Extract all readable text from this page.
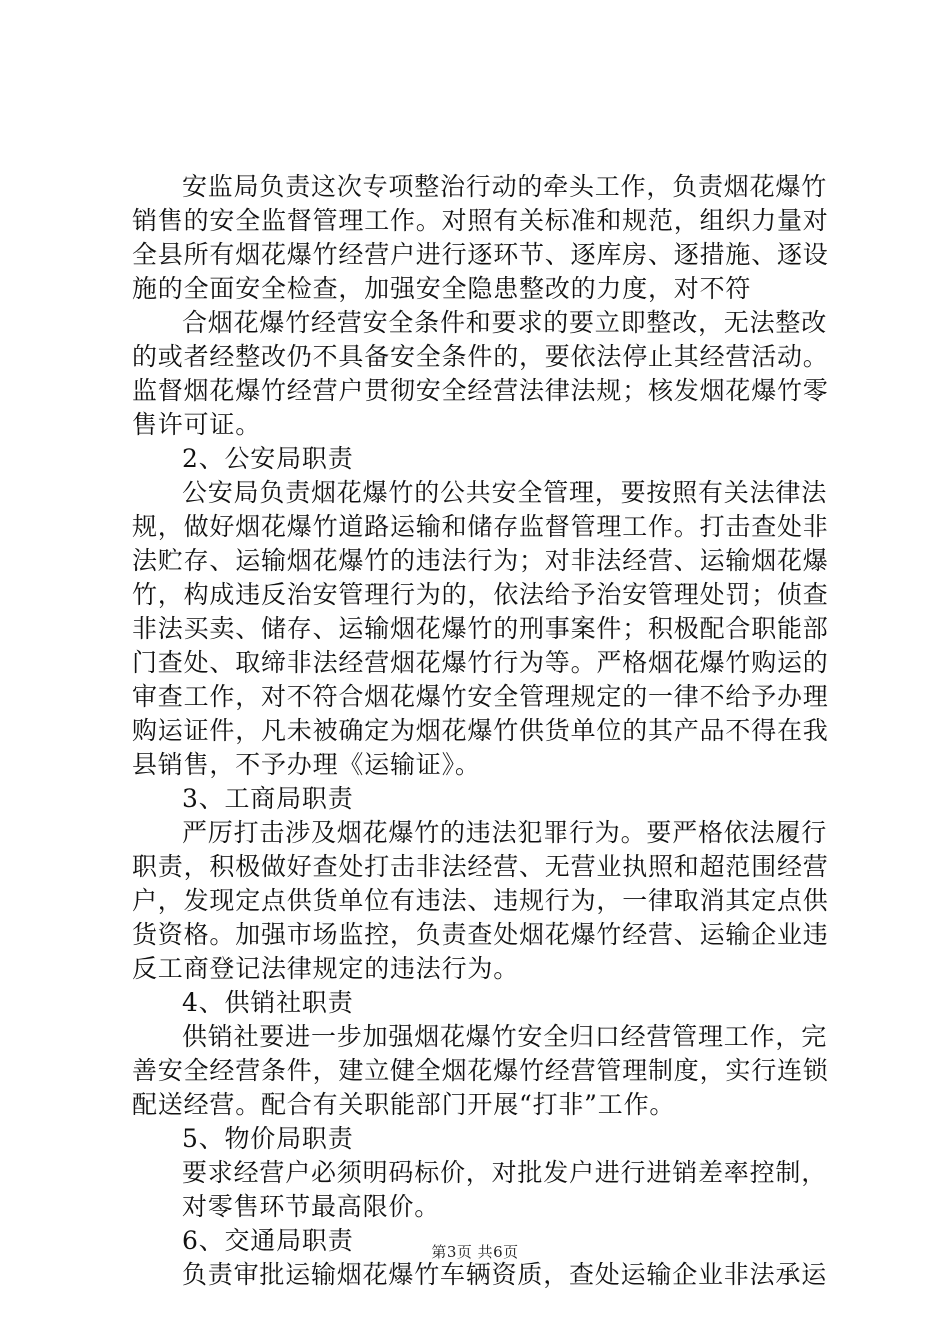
安监局负责这次专项整治行动的牵头工作，负责烟花爆竹
销售的安全监督管理工作。对照有关标准和规范，组织力量对
全县所有烟花爆竹经营户进行逐环节、逐库房、逐措施、逐设
施的全面安全检查，加强安全隐患整改的力度，对不符
合烟花爆竹经营安全条件和要求的要立即整改，无法整改
的或者经整改仍不具备安全条件的，要依法停止其经营活动。
监督烟花爆竹经营户贯彻安全经营法律法规；核发烟花爆竹零
售许可证。
2、公安局职责
公安局负责烟花爆竹的公共安全管理，要按照有关法律法
规，做好烟花爆竹道路运输和储存监督管理工作。打击查处非
法贮存、运输烟花爆竹的违法行为；对非法经营、运输烟花爆
竹，构成违反治安管理行为的，依法给予治安管理处罚；侦查
非法买卖、储存、运输烟花爆竹的刑事案件；积极配合职能部
门查处、取缔非法经营烟花爆竹行为等。严格烟花爆竹购运的
审查工作，对不符合烟花爆竹安全管理规定的一律不给予办理
购运证件，凡未被确定为烟花爆竹供货单位的其产品不得在我
县销售，不予办理《运输证》。
3、工商局职责
严厉打击涉及烟花爆竹的违法犯罪行为。要严格依法履行
职责，积极做好查处打击非法经营、无营业执照和超范围经营
户，发现定点供货单位有违法、违规行为，一律取消其定点供
货资格。加强市场监控，负责查处烟花爆竹经营、运输企业违
反工商登记法律规定的违法行为。
4、供销社职责
供销社要进一步加强烟花爆竹安全归口经营管理工作，完
善安全经营条件，建立健全烟花爆竹经营管理制度，实行连锁
配送经营。配合有关职能部门开展“打非”工作。
5、物价局职责
要求经营户必须明码标价，对批发户进行进销差率控制，
对零售环节最高限价。
6、交通局职责
负责审批运输烟花爆竹车辆资质，查处运输企业非法承运
第3页 共6页
